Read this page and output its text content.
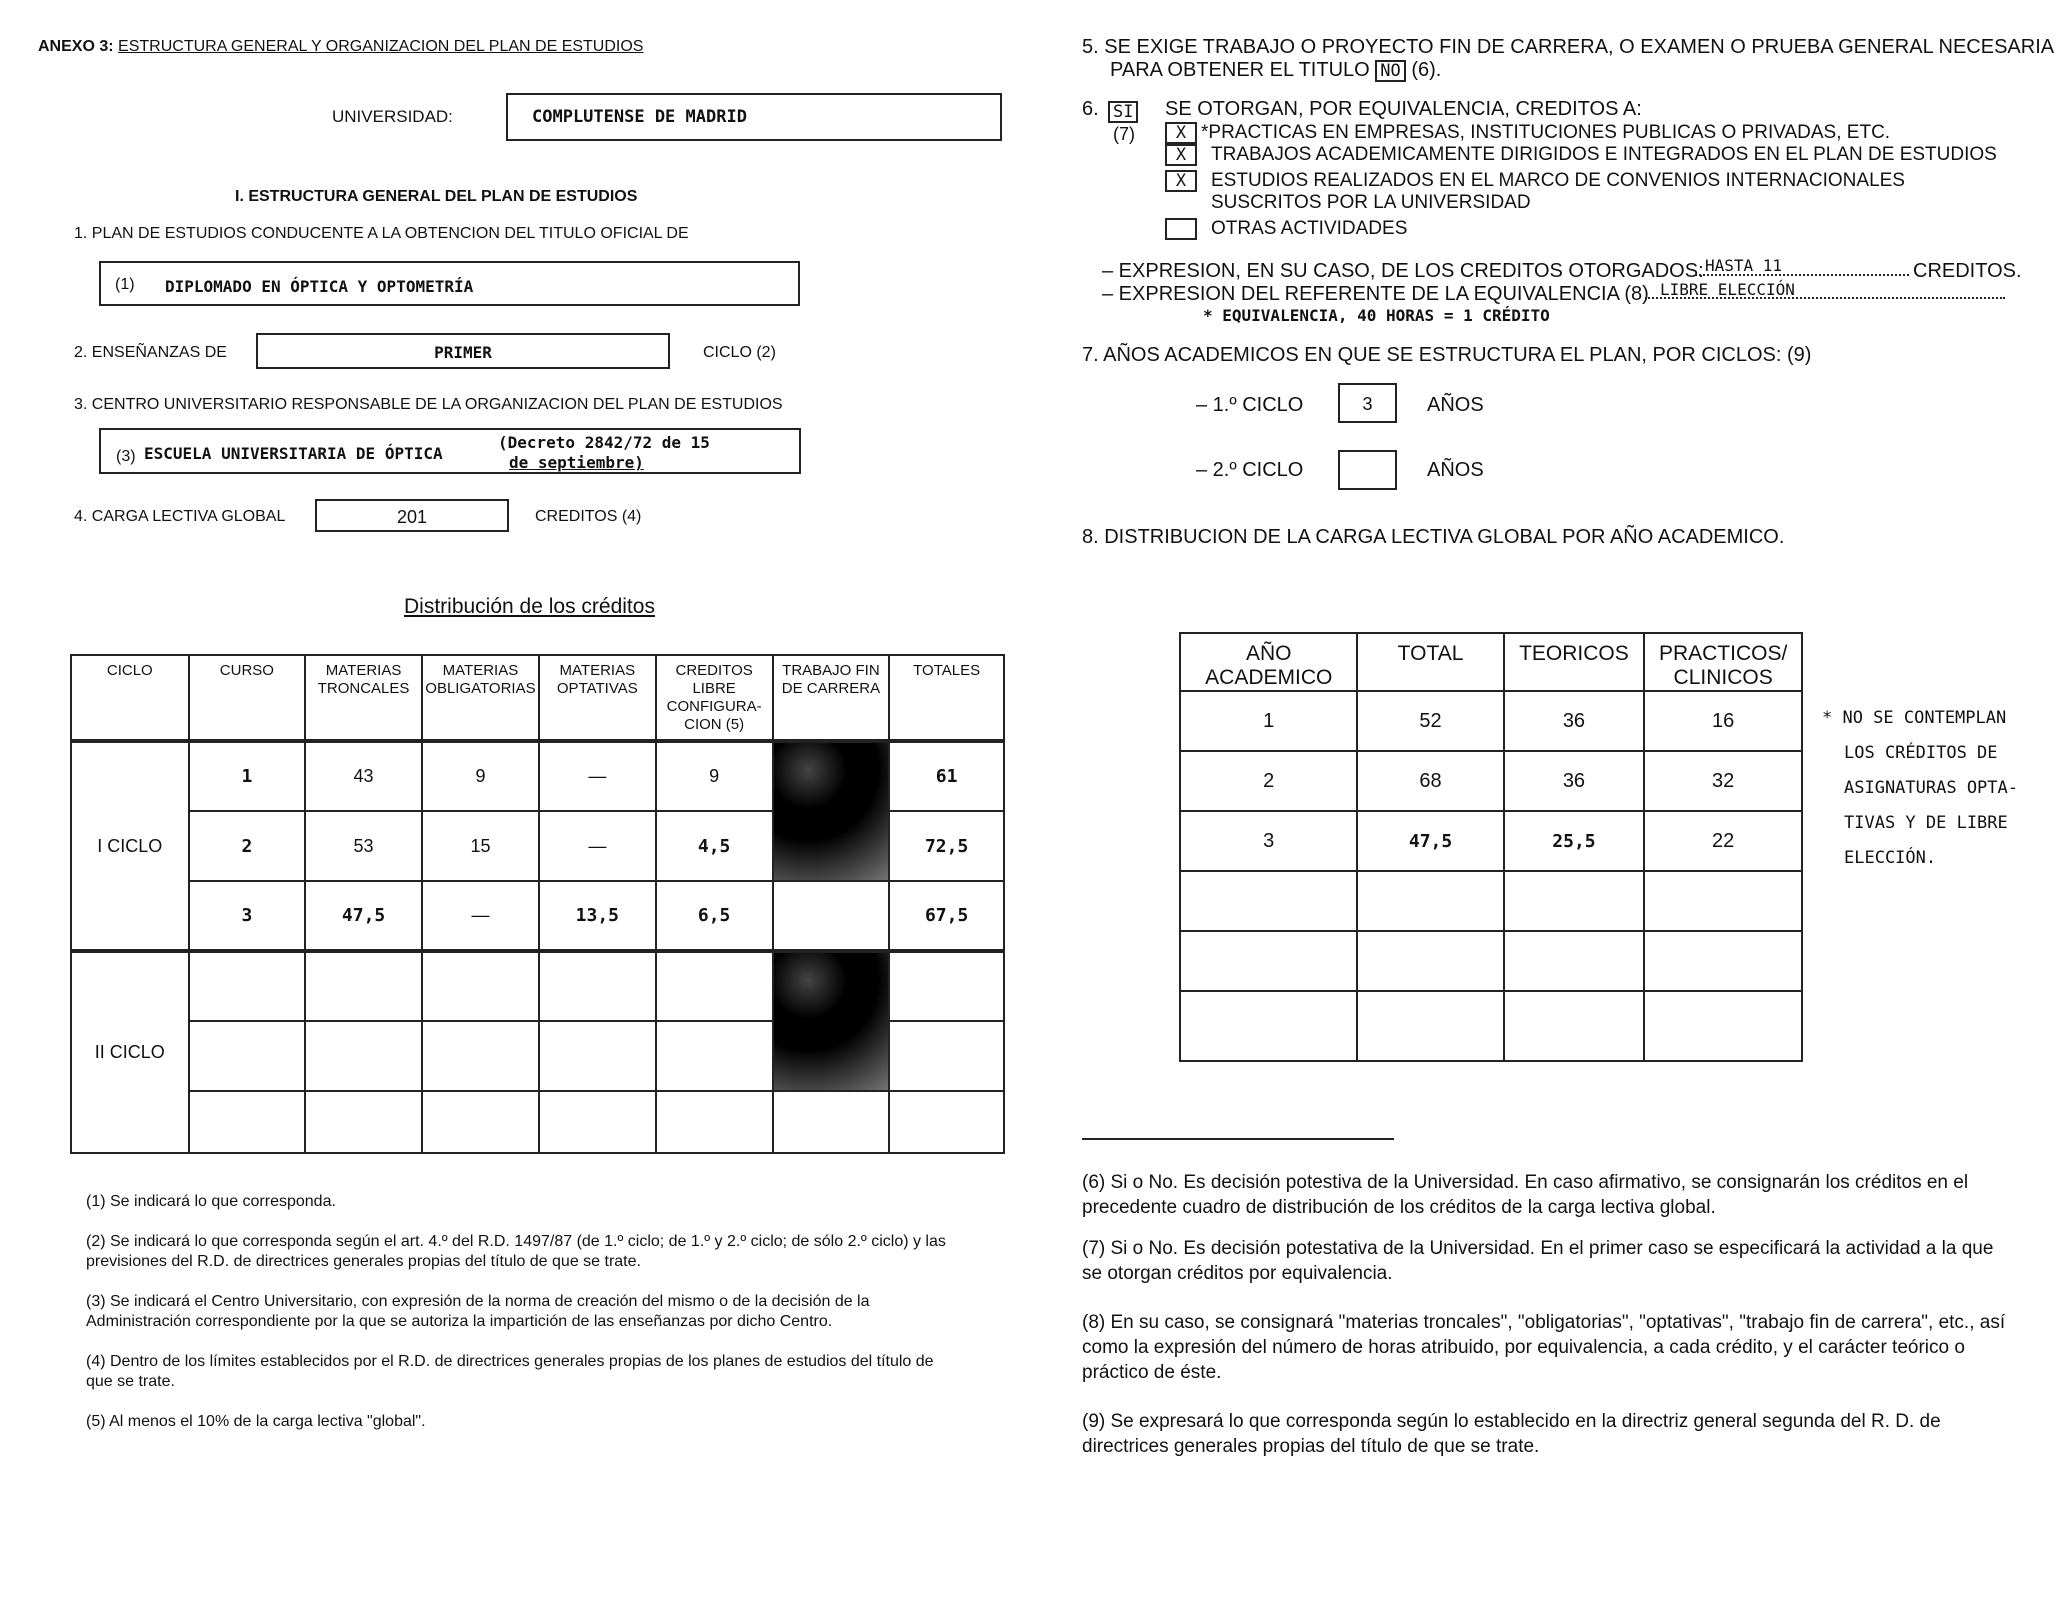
ANEXO 3: ESTRUCTURA GENERAL Y ORGANIZACION DEL PLAN DE ESTUDIOS
UNIVERSIDAD:	COMPLUTENSE DE MADRID
I. ESTRUCTURA GENERAL DEL PLAN DE ESTUDIOS
1. PLAN DE ESTUDIOS CONDUCENTE A LA OBTENCION DEL TITULO OFICIAL DE
(1) DIPLOMADO EN ÓPTICA Y OPTOMETRÍA
2. ENSEÑANZAS DE	PRIMER	CICLO (2)
3. CENTRO UNIVERSITARIO RESPONSABLE DE LA ORGANIZACION DEL PLAN DE ESTUDIOS
(3) ESCUELA UNIVERSITARIA DE ÓPTICA
(Decreto 2842/72 de 15
de septiembre)
4. CARGA LECTIVA GLOBAL	201	CREDITOS (4)
Distribución de los créditos
CICLO	CURSO	MATERIAS TRONCALES	MATERIAS OBLIGATORIAS	MATERIAS OPTATIVAS	CREDITOS LIBRE CONFIGURA- CION (5)	TRABAJO FIN DE CARRERA	TOTALES
I CICLO	1	43	9	—	9		61
	2	53	15	—	4,5		72,5
	3	47,5	—	13,5	6,5		67,5
II CICLO							

(1) Se indicará lo que corresponda.
(2) Se indicará lo que corresponda según el art. 4.º del R.D. 1497/87 (de 1.º ciclo; de 1.º y 2.º ciclo; de sólo 2.º ciclo) y las previsiones del R.D. de directrices generales propias del título de que se trate.
(3) Se indicará el Centro Universitario, con expresión de la norma de creación del mismo o de la decisión de la Administración correspondiente por la que se autoriza la impartición de las enseñanzas por dicho Centro.
(4) Dentro de los límites establecidos por el R.D. de directrices generales propias de los planes de estudios del título de que se trate.
(5) Al menos el 10% de la carga lectiva "global".
5. SE EXIGE TRABAJO O PROYECTO FIN DE CARRERA, O EXAMEN O PRUEBA GENERAL NECESARIA
PARA OBTENER EL TITULO NO (6).
6. SI
(7)
SE OTORGAN, POR EQUIVALENCIA, CREDITOS A:
X *PRACTICAS EN EMPRESAS, INSTITUCIONES PUBLICAS O PRIVADAS, ETC.
X	TRABAJOS ACADEMICAMENTE DIRIGIDOS E INTEGRADOS EN EL PLAN DE ESTUDIOS
X	ESTUDIOS REALIZADOS EN EL MARCO DE CONVENIOS INTERNACIONALES SUSCRITOS POR LA UNIVERSIDAD
OTRAS ACTIVIDADES
– EXPRESION, EN SU CASO, DE LOS CREDITOS OTORGADOS: HASTA 11	CREDITOS.
– EXPRESION DEL REFERENTE DE LA EQUIVALENCIA (8) LIBRE ELECCIÓN
* EQUIVALENCIA, 40 HORAS = 1 CRÉDITO
7. AÑOS ACADEMICOS EN QUE SE ESTRUCTURA EL PLAN, POR CICLOS: (9)
– 1.º CICLO	3	AÑOS
– 2.º CICLO	AÑOS
8. DISTRIBUCION DE LA CARGA LECTIVA GLOBAL POR AÑO ACADEMICO.
AÑO ACADEMICO	TOTAL	TEORICOS	PRACTICOS/ CLINICOS
1	52	36	16
2	68	36	32
3	47,5	25,5	22

* NO SE CONTEMPLAN
LOS CRÉDITOS DE
ASIGNATURAS OPTA-
TIVAS Y DE LIBRE
ELECCIÓN.
(6) Si o No. Es decisión potestiva de la Universidad. En caso afirmativo, se consignarán los créditos en el precedente cuadro de distribución de los créditos de la carga lectiva global.
(7) Si o No. Es decisión potestativa de la Universidad. En el primer caso se especificará la actividad a la que se otorgan créditos por equivalencia.
(8) En su caso, se consignará "materias troncales", "obligatorias", "optativas", "trabajo fin de carrera", etc., así como la expresión del número de horas atribuido, por equivalencia, a cada crédito, y el carácter teórico o práctico de éste.
(9) Se expresará lo que corresponda según lo establecido en la directriz general segunda del R. D. de directrices generales propias del título de que se trate.
